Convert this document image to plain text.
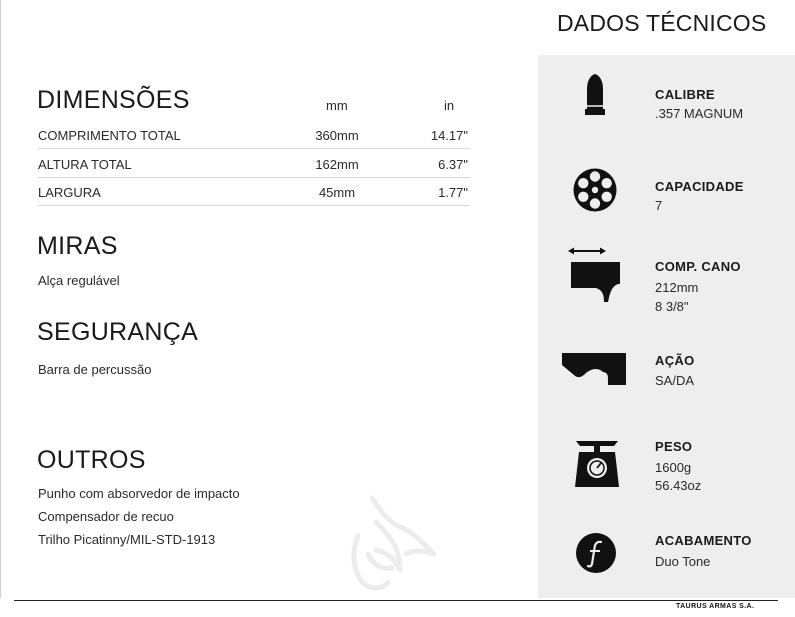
DIMENSÕES	mm	in
COMPRIMENTO TOTAL	360mm	14.17"
ALTURA TOTAL	162mm	6.37"
LARGURA	45mm	1.77"
MIRAS
Alça regulável
SEGURANÇA
Barra de percussão
OUTROS
Punho com absorvedor de impacto
Compensador de recuo
Trilho Picatinny/MIL-STD-1913
DADOS TÉCNICOS
CALIBRE
.357 MAGNUM
CAPACIDADE
7
COMP. CANO
212mm
8 3/8"
AÇÃO
SA/DA
PESO
1600g
56.43oz
ACABAMENTO
Duo Tone
TAURUS ARMAS S.A.
